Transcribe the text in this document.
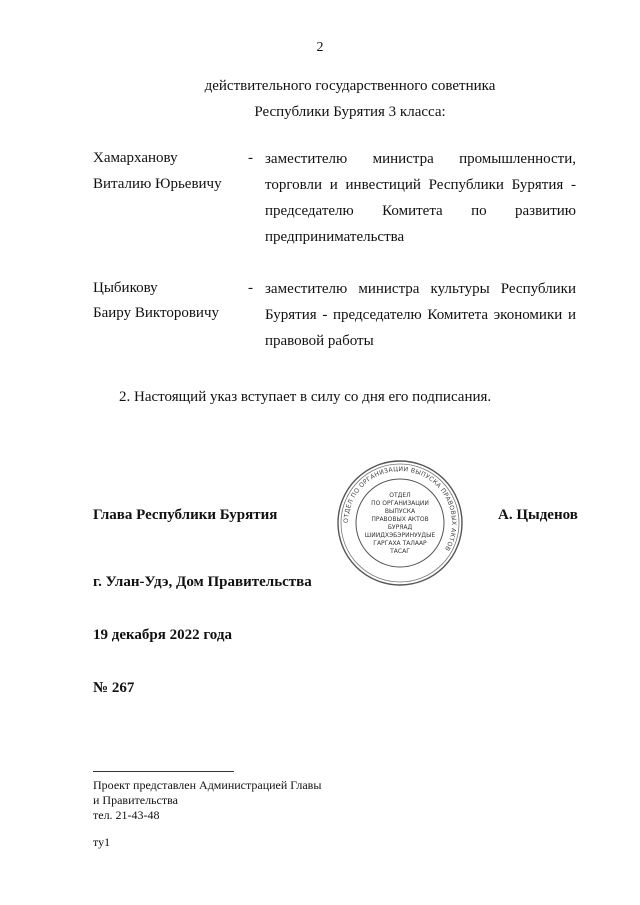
2
действительного государственного советника
Республики Бурятия 3 класса:
Хамарханову
Виталию Юрьевичу
- заместителю министра промышленности, торговли и инвестиций Республики Бурятия - председателю Комитета по развитию предпринимательства
Цыбикову
Баиру Викторовичу
- заместителю министра культуры Республики Бурятия - председателю Комитета экономики и правовой работы
2. Настоящий указ вступает в силу со дня его подписания.
Глава Республики Бурятия	А. Цыденов
ОТДЕЛ ПО ОРГАНИЗАЦИИ ВЫПУСКА ПРАВОВЫХ АКТОВ
ОТДЕЛ
ПО ОРГАНИЗАЦИИ
ВЫПУСКА
ПРАВОВЫХ АКТОВ
БУРЯАД
ШИИДХЭБЭРИНУУДЫЕ
ГАРГАХА ТАЛААР
ТАСАГ
г. Улан-Удэ, Дом Правительства
19 декабря 2022 года
№ 267
Проект представлен Администрацией Главы
и Правительства
тел. 21-43-48
ту1
